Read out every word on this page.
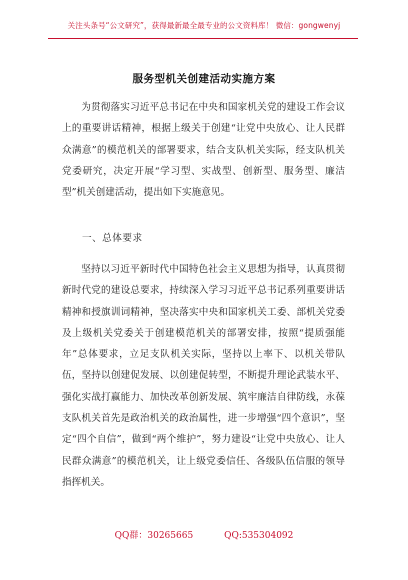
关注头条号“公文研究”，获得最新最全最专业的公文资料库！ 微信：gongwenyj
服务型机关创建活动实施方案

为贯彻落实习近平总书记在中央和国家机关党的建设工作会议上的重要讲话精神，根据上级关于创建“让党中央放心、让人民群众满意”的模范机关的部署要求，结合支队机关实际，经支队机关党委研究，决定开展“学习型、实战型、创新型、服务型、廉洁型”机关创建活动，提出如下实施意见。

一、总体要求

坚持以习近平新时代中国特色社会主义思想为指导，认真贯彻新时代党的建设总要求，持续深入学习习近平总书记系列重要讲话精神和授旗训词精神，坚决落实中央和国家机关工委、部机关党委及上级机关党委关于创建模范机关的部署安排，按照“提质强能年”总体要求，立足支队机关实际，坚持以上率下、以机关带队伍，坚持以创建促发展、以创建促转型，不断提升理论武装水平、强化实战打赢能力、加快改革创新发展、筑牢廉洁自律防线，永葆支队机关首先是政治机关的政治属性，进一步增强“四个意识”，坚定“四个自信”，做到“两个维护”，努力建设“让党中央放心、让人民群众满意”的模范机关，让上级党委信任、各级队伍信服的领导指挥机关。

QQ群：30265665	QQ:535304092
